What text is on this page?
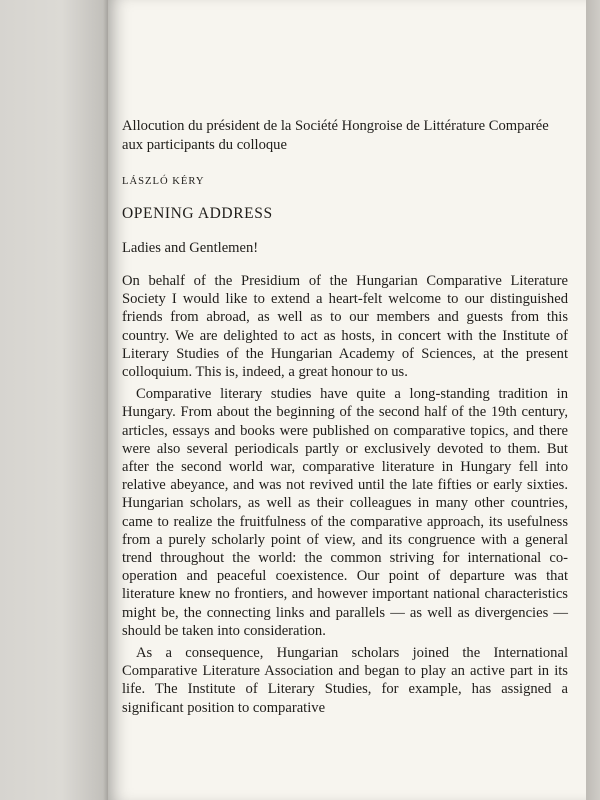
Allocution du président de la Société Hongroise de Littérature Comparée aux participants du colloque

LÁSZLÓ KÉRY

OPENING ADDRESS

Ladies and Gentlemen!

On behalf of the Presidium of the Hungarian Comparative Literature Society I would like to extend a heart-felt welcome to our distinguished friends from abroad, as well as to our members and guests from this country. We are delighted to act as hosts, in concert with the Institute of Literary Studies of the Hungarian Academy of Sciences, at the present colloquium. This is, indeed, a great honour to us.

Comparative literary studies have quite a long-standing tradition in Hungary. From about the beginning of the second half of the 19th century, articles, essays and books were published on comparative topics, and there were also several periodicals partly or exclusively devoted to them. But after the second world war, comparative literature in Hungary fell into relative abeyance, and was not revived until the late fifties or early sixties. Hungarian scholars, as well as their colleagues in many other countries, came to realize the fruitfulness of the comparative approach, its usefulness from a purely scholarly point of view, and its congruence with a general trend throughout the world: the common striving for international co-operation and peaceful coexistence. Our point of departure was that literature knew no frontiers, and however important national characteristics might be, the connecting links and parallels — as well as divergencies — should be taken into consideration.

As a consequence, Hungarian scholars joined the International Comparative Literature Association and began to play an active part in its life. The Institute of Literary Studies, for example, has assigned a significant position to comparative
